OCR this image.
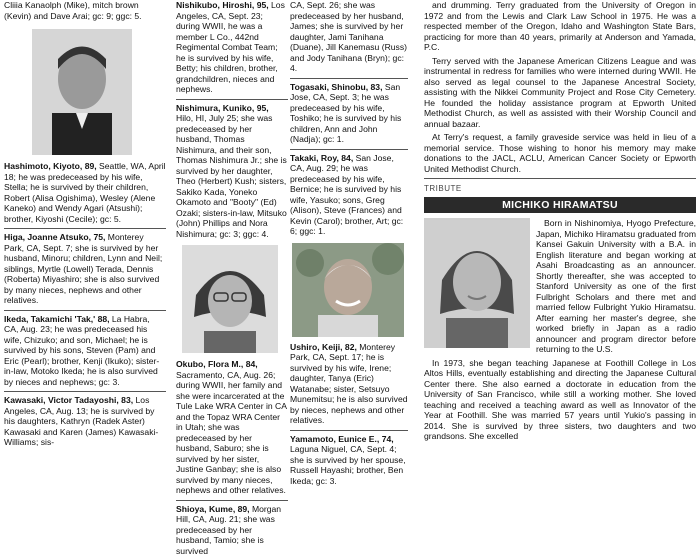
Cliiia Kanaolph (Mike), mitch brown (Kevin) and Dave Arai; gc: 9; ggc: 5.

Hashimoto, Kiyoto, 89, Seattle, WA, April 18; he was predeceased by his wife, Stella; he is survived by their children, Robert (Alisa Ogishima), Wesley (Alene Kaneko) and Wendy Agari (Atsushi); brother, Kiyoshi (Cecile); gc: 5.

Higa, Joanne Atsuko, 75, Monterey Park, CA, Sept. 7; she is survived by her husband, Minoru; children, Lynn and Neil; siblings, Myrtle (Lowell) Terada, Dennis (Roberta) Miyashiro; she is also survived by many nieces, nephews and other relatives.

Ikeda, Takamichi 'Tak,' 88, La Habra, CA, Aug. 23; he was predeceased his wife, Chizuko; and son, Michael; he is survived by his sons, Steven (Pam) and Eric (Pearl); brother, Kenji (Ikuko); sister-in-law, Motoko Ikeda; he is also survived by nieces and nephews; gc: 3.

Kawasaki, Victor Tadayoshi, 83, Los Angeles, CA, Aug. 13; he is survived by his daughters, Kathryn (Radek Aster) Kawasaki and Karen (James) Kawasaki-Williams; sis-

Nishikubo, Hiroshi, 95, Los Angeles, CA, Sept. 23; during WWII, he was a member L Co., 442nd Regimental Combat Team; he is survived by his wife, Betty; his children, brother, grandchildren, nieces and nephews.

Nishimura, Kuniko, 95, Hilo, HI, July 25; she was predeceased by her husband, Thomas Nishimura, and their son, Thomas Nishimura Jr.; she is survived by her daughter, Theo (Herbert) Kush; sisters, Sakiko Kada, Yoneko Okamoto and "Booty" (Ed) Ozaki; sisters-in-law, Mitsuko (John) Phillips and Nora Nishimura; gc: 3; ggc: 4.

Okubo, Flora M., 84, Sacramento, CA, Aug. 26; during WWII, her family and she were incarcerated at the Tule Lake WRA Center in CA and the Topaz WRA Center in Utah; she was predeceased by her husband, Saburo; she is survived by her sister, Justine Ganbay; she is also survived by many nieces, nephews and other relatives.

Shioya, Kume, 89, Morgan Hill, CA, Aug. 21; she was predeceased by her husband, Tamio; she is survived

CA, Sept. 26; she was predeceased by her husband, James; she is survived by her daughter, Jami Tanihana (Duane), Jill Kanemasu (Russ) and Jody Tanihana (Bryn); gc: 4.

Togasaki, Shinobu, 83, San Jose, CA, Sept. 3; he was predeceased by his wife, Toshiko; he is survived by his children, Ann and John (Nadja); gc: 1.

Takaki, Roy, 84, San Jose, CA, Aug. 29; he was predeceased by his wife, Bernice; he is survived by his wife, Yasuko; sons, Greg (Alison), Steve (Frances) and Kevin (Carol); brother, Art; gc: 6; ggc: 1.

Ushiro, Keiji, 82, Monterey Park, CA, Sept. 17; he is survived by his wife, Irene; daughter, Tanya (Eric) Watanabe; sister, Setsuyo Munemitsu; he is also survived by nieces, nephews and other relatives.

Yamamoto, Eunice E., 74, Laguna Niguel, CA, Sept. 4; she is survived by her spouse, Russell Hayashi; brother, Ben Ikeda; gc: 3.

and drumming. Terry graduated from the University of Oregon in 1972 and from the Lewis and Clark Law School in 1975. He was a respected member of the Oregon, Idaho and Washington State Bars, practicing for more than 40 years, primarily at Anderson and Yamada, P.C.

Terry served with the Japanese American Citizens League and was instrumental in redress for families who were interned during WWII. He also served as legal counsel to the Japanese Ancestral Society, assisting with the Nikkei Community Project and Rose City Cemetery. He founded the holiday assistance program at Epworth United Methodist Church, as well as assisted with their Worship Council and annual bazaar.

At Terry's request, a family graveside service was held in lieu of a memorial service. Those wishing to honor his memory may make donations to the JACL, ACLU, American Cancer Society or Epworth United Methodist Church.

TRIBUTE
MICHIKO HIRAMATSU

Born in Nishinomiya, Hyogo Prefecture, Japan, Michiko Hiramatsu graduated from Kansei Gakuin University with a B.A. in English literature and began working at Asahi Broadcasting as an announcer. Shortly thereafter, she was accepted to Stanford University as one of the first Fulbright Scholars and there met and married fellow Fulbright Yukio Hiramatsu. After earning her master's degree, she worked briefly in Japan as a radio announcer and program director before returning to the U.S.

In 1973, she began teaching Japanese at Foothill College in Los Altos Hills, eventually establishing and directing the Japanese Cultural Center there. She also earned a doctorate in education from the University of San Francisco, while still a working mother. She loved teaching and received a teaching award as well as Innovator of the Year at Foothill. She was married 57 years until Yukio's passing in 2014. She is survived by three sisters, two daughters and two grandsons. She excelled
